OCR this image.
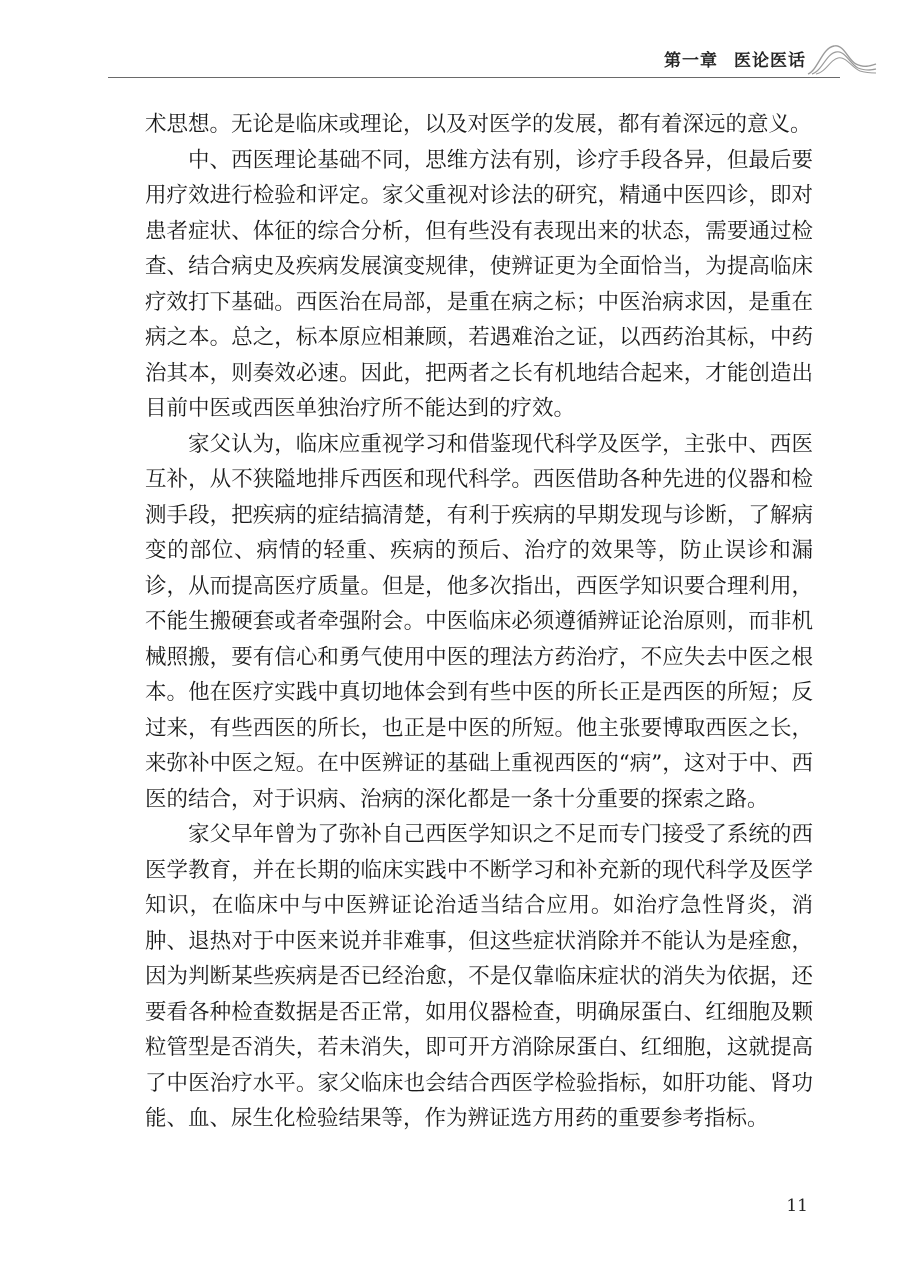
第一章 医论医话

术思想。无论是临床或理论，以及对医学的发展，都有着深远的意义。

中、西医理论基础不同，思维方法有别，诊疗手段各异，但最后要用疗效进行检验和评定。家父重视对诊法的研究，精通中医四诊，即对患者症状、体征的综合分析，但有些没有表现出来的状态，需要通过检查、结合病史及疾病发展演变规律，使辨证更为全面恰当，为提高临床疗效打下基础。西医治在局部，是重在病之标；中医治病求因，是重在病之本。总之，标本原应相兼顾，若遇难治之证，以西药治其标，中药治其本，则奏效必速。因此，把两者之长有机地结合起来，才能创造出目前中医或西医单独治疗所不能达到的疗效。

家父认为，临床应重视学习和借鉴现代科学及医学，主张中、西医互补，从不狭隘地排斥西医和现代科学。西医借助各种先进的仪器和检测手段，把疾病的症结搞清楚，有利于疾病的早期发现与诊断，了解病变的部位、病情的轻重、疾病的预后、治疗的效果等，防止误诊和漏诊，从而提高医疗质量。但是，他多次指出，西医学知识要合理利用，不能生搬硬套或者牵强附会。中医临床必须遵循辨证论治原则，而非机械照搬，要有信心和勇气使用中医的理法方药治疗，不应失去中医之根本。他在医疗实践中真切地体会到有些中医的所长正是西医的所短；反过来，有些西医的所长，也正是中医的所短。他主张要博取西医之长，来弥补中医之短。在中医辨证的基础上重视西医的“病”，这对于中、西医的结合，对于识病、治病的深化都是一条十分重要的探索之路。

家父早年曾为了弥补自己西医学知识之不足而专门接受了系统的西医学教育，并在长期的临床实践中不断学习和补充新的现代科学及医学知识，在临床中与中医辨证论治适当结合应用。如治疗急性肾炎，消肿、退热对于中医来说并非难事，但这些症状消除并不能认为是痊愈，因为判断某些疾病是否已经治愈，不是仅靠临床症状的消失为依据，还要看各种检查数据是否正常，如用仪器检查，明确尿蛋白、红细胞及颗粒管型是否消失，若未消失，即可开方消除尿蛋白、红细胞，这就提高了中医治疗水平。家父临床也会结合西医学检验指标，如肝功能、肾功能、血、尿生化检验结果等，作为辨证选方用药的重要参考指标。

11
